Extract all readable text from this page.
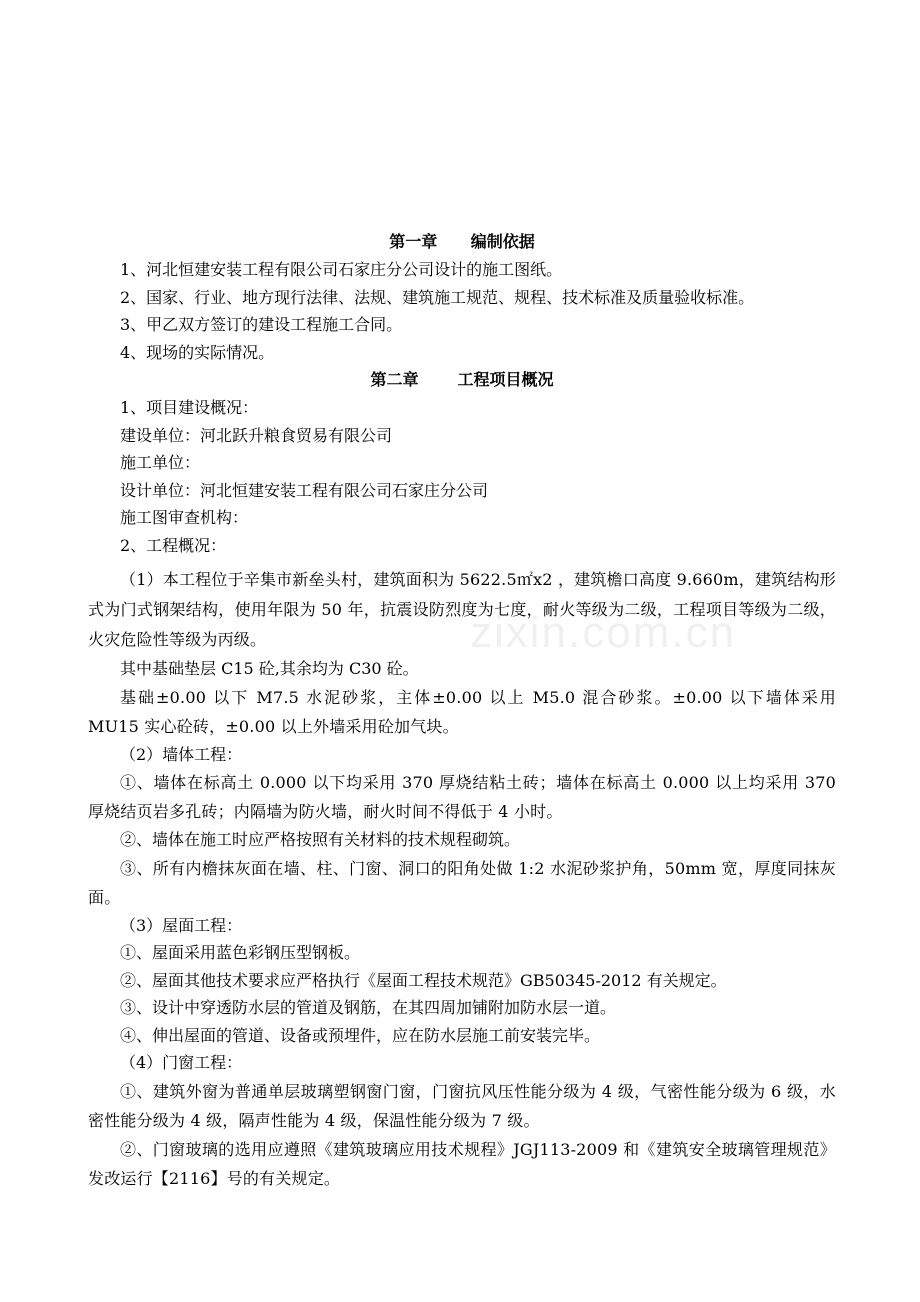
zixin.com.cn
第一章      编制依据
1、河北恒建安装工程有限公司石家庄分公司设计的施工图纸。
2、国家、行业、地方现行法律、法规、建筑施工规范、规程、技术标准及质量验收标准。
3、甲乙双方签订的建设工程施工合同。
4、现场的实际情况。
第二章       工程项目概况
1、项目建设概况：
建设单位：河北跃升粮食贸易有限公司
施工单位：
设计单位：河北恒建安装工程有限公司石家庄分公司
施工图审查机构：
2、工程概况：

（1）本工程位于辛集市新垒头村，建筑面积为 5622.5㎡x2 ，建筑檐口高度 9.660m，建筑结构形式为门式钢架结构，使用年限为 50 年，抗震设防烈度为七度，耐火等级为二级，工程项目等级为二级，火灾危险性等级为丙级。

其中基础垫层 C15 砼,其余均为 C30 砼。

基础±0.00 以下 M7.5 水泥砂浆，主体±0.00 以上 M5.0 混合砂浆。±0.00 以下墙体采用 MU15 实心砼砖，±0.00 以上外墙采用砼加气块。

（2）墙体工程：

①、墙体在标高土 0.000 以下均采用 370 厚烧结粘土砖；墙体在标高土 0.000 以上均采用 370 厚烧结页岩多孔砖；内隔墙为防火墙，耐火时间不得低于 4 小时。

②、墙体在施工时应严格按照有关材料的技术规程砌筑。

③、所有内檐抹灰面在墙、柱、门窗、洞口的阳角处做 1:2 水泥砂浆护角，50mm 宽，厚度同抹灰面。

（3）屋面工程：
①、屋面采用蓝色彩钢压型钢板。
②、屋面其他技术要求应严格执行《屋面工程技术规范》GB50345-2012 有关规定。
③、设计中穿透防水层的管道及钢筋，在其四周加铺附加防水层一道。
④、伸出屋面的管道、设备或预埋件，应在防水层施工前安装完毕。
（4）门窗工程：

①、建筑外窗为普通单层玻璃塑钢窗门窗，门窗抗风压性能分级为 4 级，气密性能分级为 6 级，水密性能分级为 4 级，隔声性能为 4 级，保温性能分级为 7 级。

②、门窗玻璃的选用应遵照《建筑玻璃应用技术规程》JGJ113-2009 和《建筑安全玻璃管理规范》发改运行【2116】号的有关规定。
